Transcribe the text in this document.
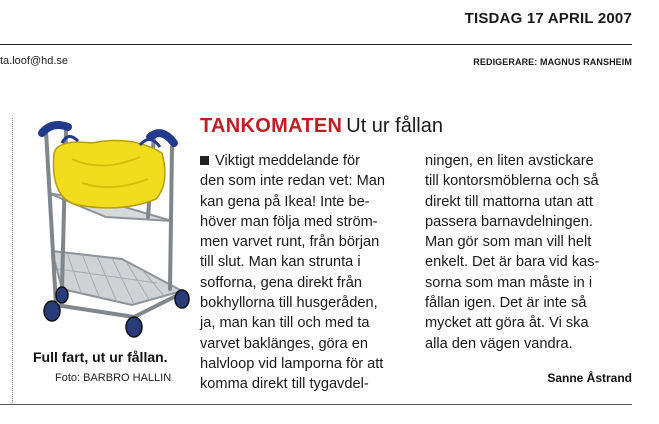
TISDAG 17 APRIL 2007
ta.loof@hd.se	REDIGERARE: MAGNUS RANSHEIM
Full fart, ut ur fållan.
Foto: BARBRO HALLIN
TANKOMATEN Ut ur fållan
Viktigt meddelande för
den som inte redan vet: Man
kan gena på Ikea! Inte be-
höver man följa med ström-
men varvet runt, från början
till slut. Man kan strunta i
sofforna, gena direkt från
bokhyllorna till husgeråden,
ja, man kan till och med ta
varvet baklänges, göra en
halvloop vid lamporna för att
komma direkt till tygavdel-
ningen, en liten avstickare
till kontorsmöblerna och så
direkt till mattorna utan att
passera barnavdelningen.
Man gör som man vill helt
enkelt. Det är bara vid kas-
sorna som man måste in i
fållan igen. Det är inte så
mycket att göra åt. Vi ska
alla den vägen vandra.
Sanne Åstrand
